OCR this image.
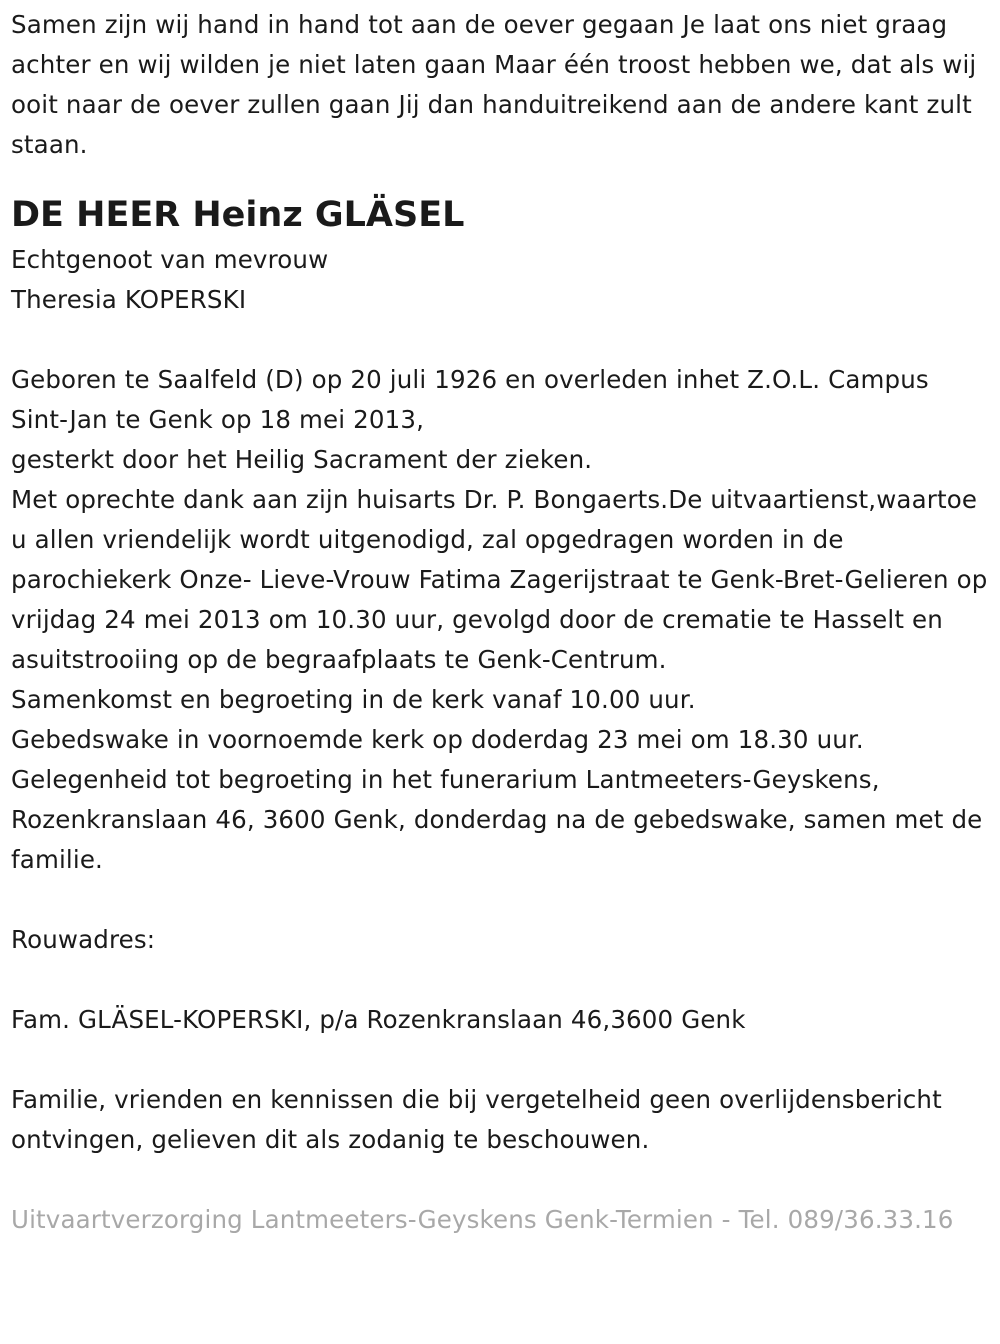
Samen zijn wij hand in hand tot aan de oever gegaan Je laat ons niet graag achter en wij wilden je niet laten gaan Maar één troost hebben we, dat als wij ooit naar de oever zullen gaan Jij dan handuitreikend aan de andere kant zult staan.

DE HEER Heinz GLÄSEL

Echtgenoot van mevrouw
Theresia KOPERSKI

Geboren te Saalfeld (D) op 20 juli 1926 en overleden inhet Z.O.L. Campus Sint-Jan te Genk op 18 mei 2013,
gesterkt door het Heilig Sacrament der zieken.
Met oprechte dank aan zijn huisarts Dr. P. Bongaerts.De uitvaartienst,waartoe u allen vriendelijk wordt uitgenodigd, zal opgedragen worden in de parochiekerk Onze- Lieve-Vrouw Fatima Zagerijstraat te Genk-Bret-Gelieren op vrijdag 24 mei 2013 om 10.30 uur, gevolgd door de crematie te Hasselt en asuitstrooiing op de begraafplaats te Genk-Centrum.
Samenkomst en begroeting in de kerk vanaf 10.00 uur.
Gebedswake in voornoemde kerk op doderdag 23 mei om 18.30 uur.
Gelegenheid tot begroeting in het funerarium Lantmeeters-Geyskens, Rozenkranslaan 46, 3600 Genk, donderdag na de gebedswake, samen met de familie.

Rouwadres:

Fam. GLÄSEL-KOPERSKI, p/a Rozenkranslaan 46,3600 Genk

Familie, vrienden en kennissen die bij vergetelheid geen overlijdensbericht ontvingen, gelieven dit als zodanig te beschouwen.

Uitvaartverzorging Lantmeeters-Geyskens Genk-Termien - Tel. 089/36.33.16
